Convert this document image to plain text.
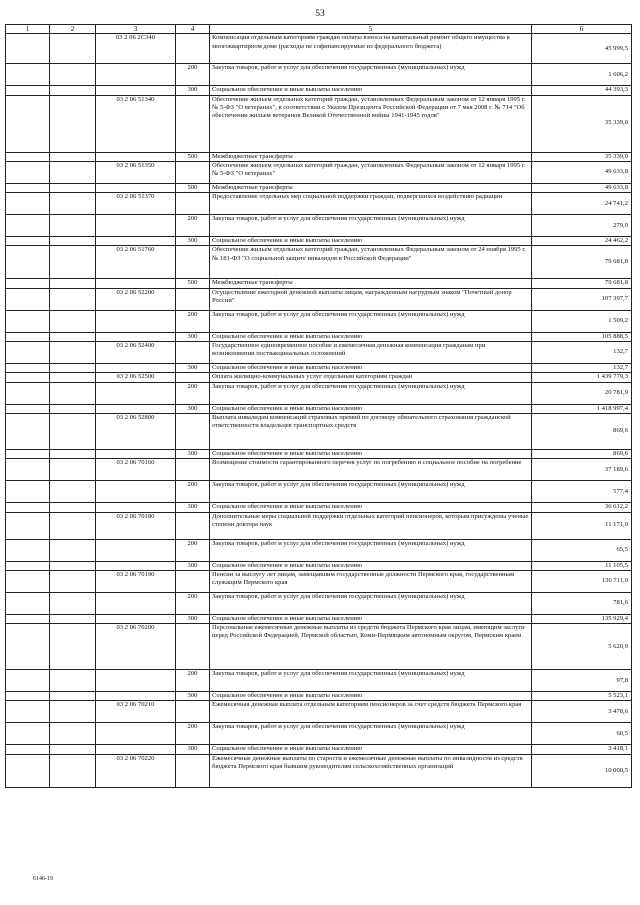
53
1	2	3	4	5	6
		03 2 06 2C340		Компенсация отдельным категориям граждан оплаты взноса на капитальный ремонт общего имущества в многоквартирном доме (расходы не софинансируемые из федерального бюджета)	45 999,5
			200	Закупка товаров, работ и услуг для обеспечения государственных (муниципальных) нужд	1 606,2
			300	Социальное обеспечение и иные выплаты населению	44 393,3
		03 2 06 51340		Обеспечение жильем отдельных категорий граждан, установленных Федеральным законом от 12 января 1995 г. № 5-ФЗ "О ветеранах", в соответствии с Указом Президента Российской Федерации от 7 мая 2008 г. № 714 "Об обеспечении жильем ветеранов Великой Отечественной войны 1941-1945 годов"	35 339,0
			500	Межбюджетные трансферты	35 339,0
		03 2 06 51350		Обеспечение жильем отдельных категорий граждан, установленных Федеральным законом от 12 января 1995 г. № 5-ФЗ "О ветеранах"	49 633,8
			500	Межбюджетные трансферты	49 633,8
		03 2 06 51370		Предоставление отдельных мер социальной поддержки граждан, подвергшихся воздействию радиации	24 741,2
			200	Закупка товаров, работ и услуг для обеспечения государственных (муниципальных) нужд	279,0
			300	Социальное обеспечение и иные выплаты населению	24 462,2
		03 2 06 51760		Обеспечение жильем отдельных категорий граждан, установленных Федеральным законом от 24 ноября 1995 г. № 181-ФЗ "О социальной защите инвалидов в Российской Федерации"	79 681,8
			500	Межбюджетные трансферты	79 681,8
		03 2 06 52200		Осуществление ежегодной денежной выплаты лицам, награжденным нагрудным знаком "Почетный донор России"	107 397,7
			200	Закупка товаров, работ и услуг для обеспечения государственных (муниципальных) нужд	1 509,2
			300	Социальное обеспечение и иные выплаты населению	105 888,5
		03 2 06 52400		Государственное единовременное пособие и ежемесячная денежная компенсация гражданам при возникновении поствакцинальных осложнений	132,7
			300	Социальное обеспечение и иные выплаты населению	132,7
		03 2 06 52500		Оплата жилищно-коммунальных услуг отдельным категориям граждан	1 439 779,3
			200	Закупка товаров, работ и услуг для обеспечения государственных (муниципальных) нужд	20 781,9
			300	Социальное обеспечение и иные выплаты населению	1 418 997,4
		03 2 06 52800		Выплата инвалидам компенсаций страховых премий по договору обязательного страхования гражданской ответственности владельцев транспортных средств	869,6
			300	Социальное обеспечение и иные выплаты населению	869,6
		03 2 06 70160		Возмещение стоимости гарантированного перечня услуг по погребению и социальное пособие на погребение	37 189,6
			200	Закупка товаров, работ и услуг для обеспечения государственных (муниципальных) нужд	577,4
			300	Социальное обеспечение и иные выплаты населению	36 612,2
		03 2 06 70180		Дополнительные меры социальной поддержки отдельных категорий пенсионеров, которым присуждены ученые степени доктора наук	11 171,0
			200	Закупка товаров, работ и услуг для обеспечения государственных (муниципальных) нужд	65,5
			300	Социальное обеспечение и иные выплаты населению	11 105,5
		03 2 06 70190		Пенсии за выслугу лет лицам, замещавшим государственные должности Пермского края, государственным служащим Пермского края	136 711,0
			200	Закупка товаров, работ и услуг для обеспечения государственных (муниципальных) нужд	781,6
			300	Социальное обеспечение и иные выплаты населению	135 929,4
		03 2 06 70200		Персональные ежемесячные денежные выплаты из средств бюджета Пермского края лицам, имеющим заслуги перед Российской Федерацией, Пермской областью, Коми-Пермяцким автономным округом, Пермским краем	5 620,9
			200	Закупка товаров, работ и услуг для обеспечения государственных (муниципальных) нужд	97,8
			300	Социальное обеспечение и иные выплаты населению	5 523,1
		03 2 06 70210		Ежемесячная денежная выплата отдельным категориям пенсионеров за счет средств бюджета Пермского края	3 478,6
			200	Закупка товаров, работ и услуг для обеспечения государственных (муниципальных) нужд	60,5
			300	Социальное обеспечение и иные выплаты населению	3 418,1
		03 2 06 70220		Ежемесячные денежные выплаты по старости и ежемесячные денежные выплаты по инвалидности из средств бюджета Пермского края бывшим руководителям сельскохозяйственных организаций	10 000,5
6146-19
